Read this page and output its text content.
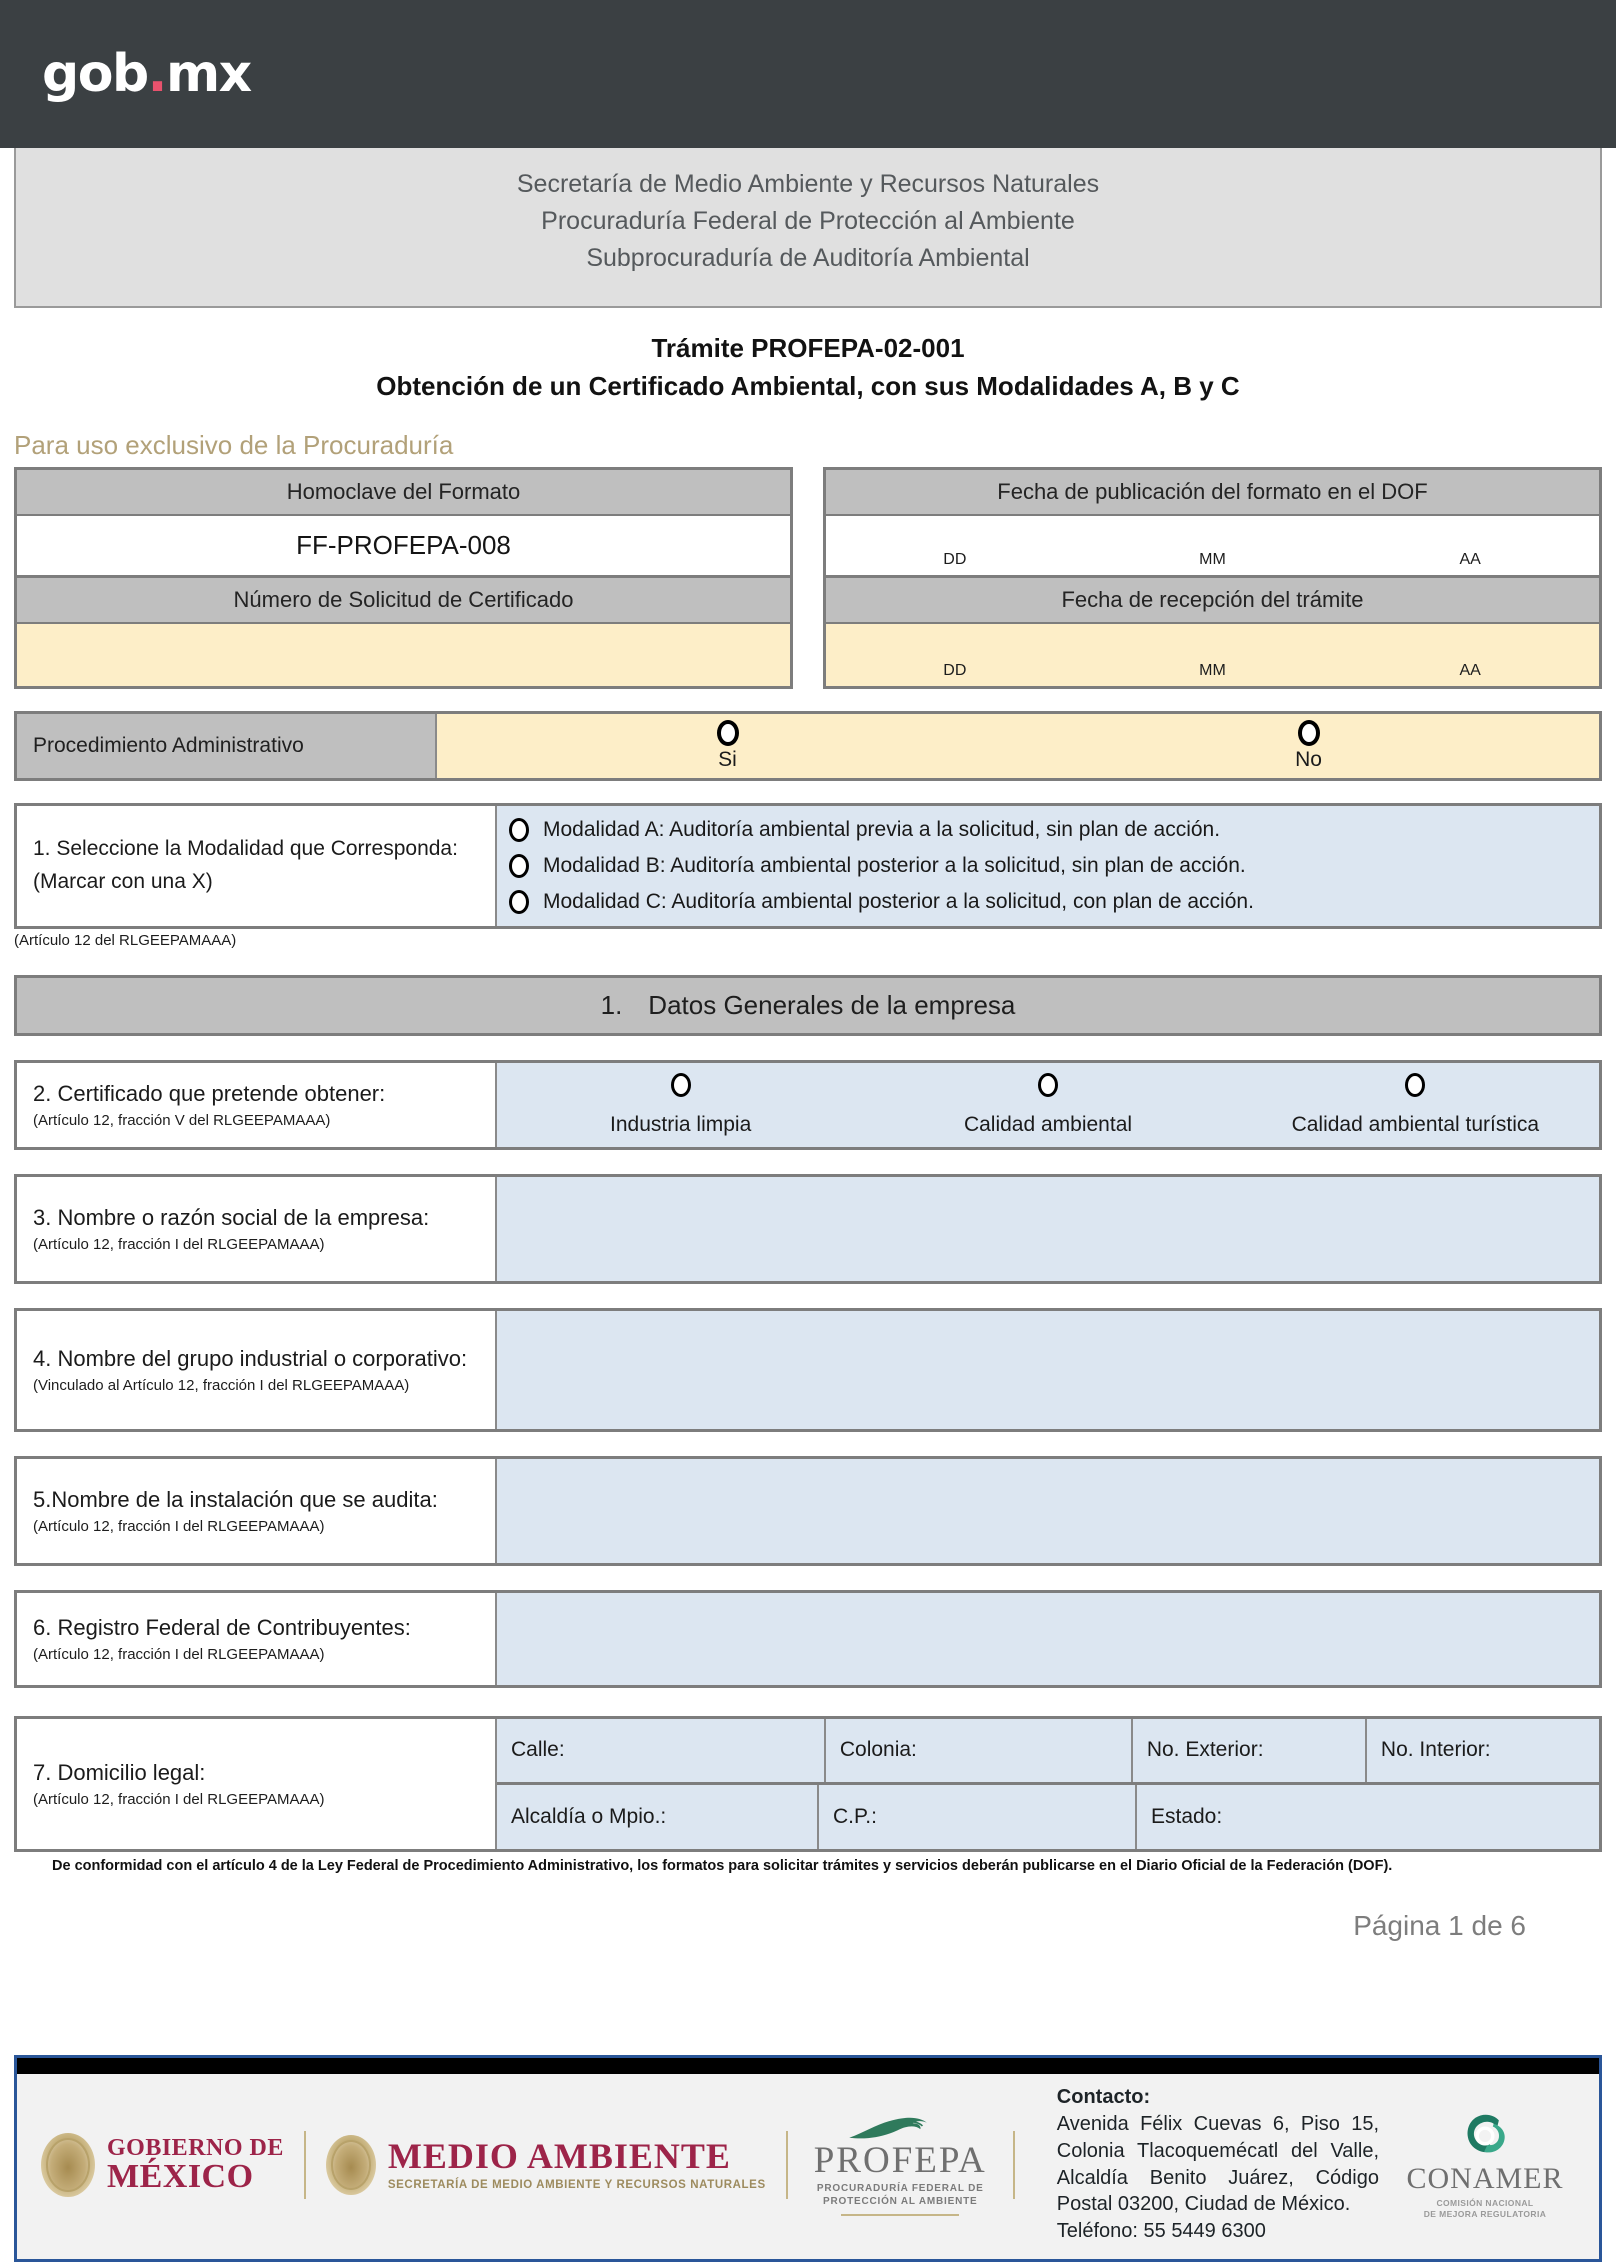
gob.mx
Secretaría de Medio Ambiente y Recursos Naturales
Procuraduría Federal de Protección al Ambiente
Subprocuraduría de Auditoría Ambiental
Trámite PROFEPA-02-001
Obtención de un Certificado Ambiental, con sus Modalidades A, B y C
Para uso exclusivo de la Procuraduría
Homoclave del Formato
FF-PROFEPA-008
Número de Solicitud de Certificado
Fecha de publicación del formato en el DOF
DD	MM	AA
Fecha de recepción del trámite
DD	MM	AA
Procedimiento Administrativo
Si	No
1. Seleccione la Modalidad que Corresponda:
(Marcar con una X)
Modalidad A: Auditoría ambiental previa a la solicitud, sin plan de acción.
Modalidad B: Auditoría ambiental posterior a la solicitud, sin plan de acción.
Modalidad C: Auditoría ambiental posterior a la solicitud, con plan de acción.
(Artículo 12 del RLGEEPAMAAA)
1. Datos Generales de la empresa
2. Certificado que pretende obtener:
(Artículo 12, fracción V del RLGEEPAMAAA)	Industria limpia	Calidad ambiental	Calidad ambiental turística
3. Nombre o razón social de la empresa:
(Artículo 12, fracción I del RLGEEPAMAAA)
4. Nombre del grupo industrial o corporativo:
(Vinculado al Artículo 12, fracción I del RLGEEPAMAAA)
5.Nombre de la instalación que se audita:
(Artículo 12, fracción I del RLGEEPAMAAA)
6. Registro Federal de Contribuyentes:
(Artículo 12, fracción I del RLGEEPAMAAA)
7. Domicilio legal:
(Artículo 12, fracción I del RLGEEPAMAAA)
Calle:	Colonia:	No. Exterior:	No. Interior:
Alcaldía o Mpio.:	C.P.:	Estado:
De conformidad con el artículo 4 de la Ley Federal de Procedimiento Administrativo, los formatos para solicitar trámites y servicios deberán publicarse en el Diario Oficial de la Federación (DOF).
Página 1 de 6
GOBIERNO DE
MÉXICO	MEDIO AMBIENTE
SECRETARÍA DE MEDIO AMBIENTE Y RECURSOS NATURALES
PROFEPA
PROCURADURÍA FEDERAL DE
PROTECCIÓN AL AMBIENTE
Contacto:
Avenida Félix Cuevas 6, Piso 15, Colonia Tlacoquemécatl del Valle, Alcaldía Benito Juárez, Código Postal 03200, Ciudad de México.
Teléfono: 55 5449 6300
CONAMER
COMISIÓN NACIONAL
DE MEJORA REGULATORIA
